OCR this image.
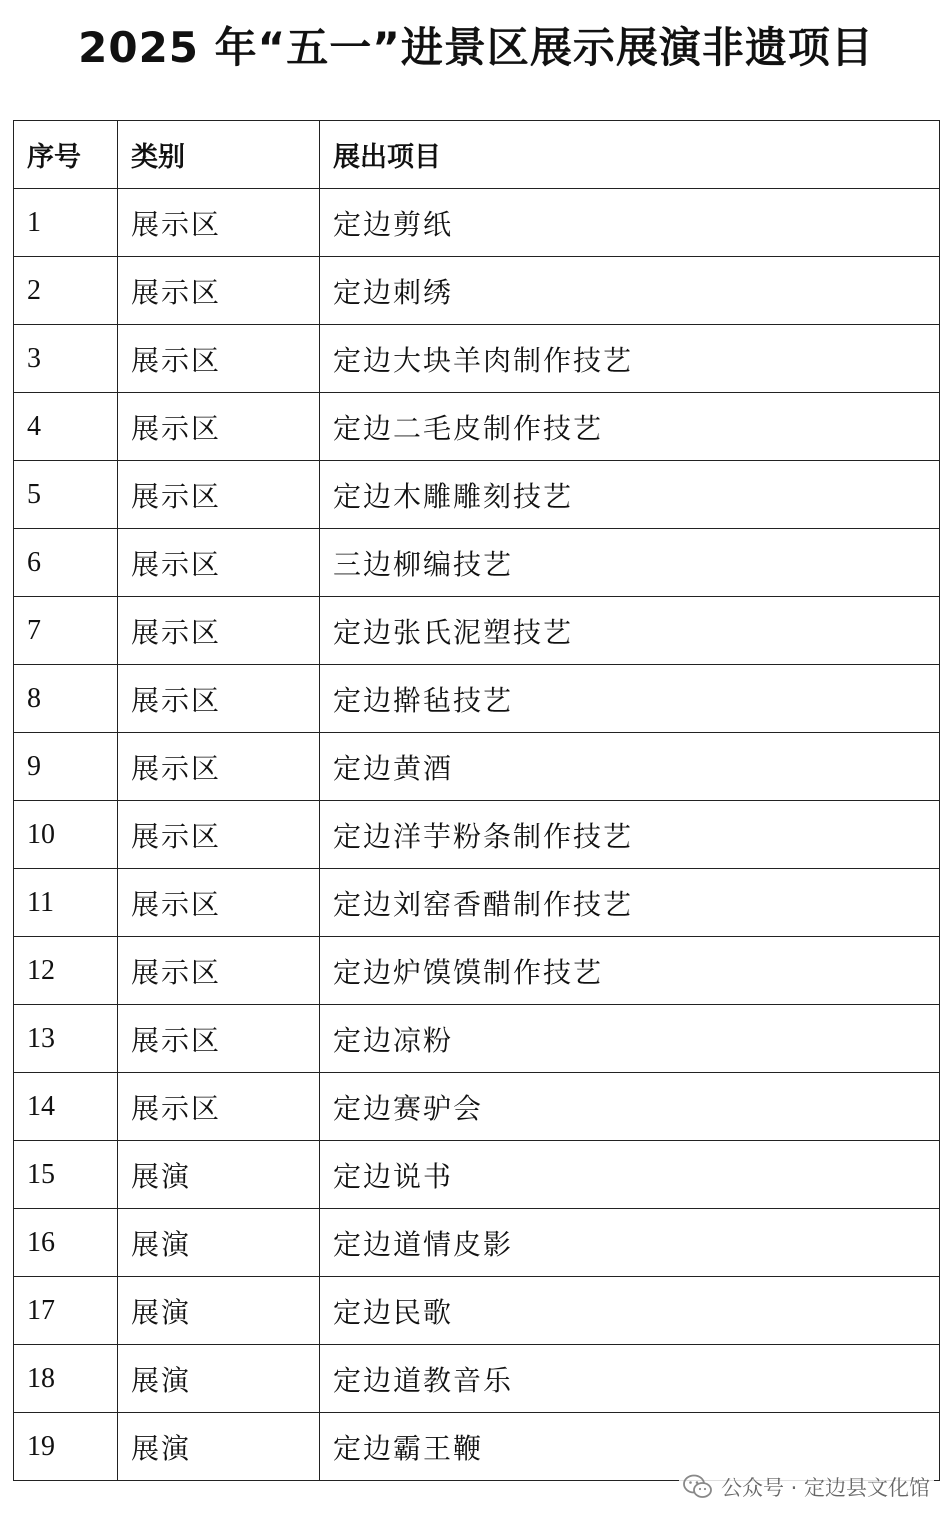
2025 年“五一”进景区展示展演非遗项目
序号	类别	展出项目
1	展示区	定边剪纸
2	展示区	定边刺绣
3	展示区	定边大块羊肉制作技艺
4	展示区	定边二毛皮制作技艺
5	展示区	定边木雕雕刻技艺
6	展示区	三边柳编技艺
7	展示区	定边张氏泥塑技艺
8	展示区	定边擀毡技艺
9	展示区	定边黄酒
10	展示区	定边洋芋粉条制作技艺
11	展示区	定边刘窑香醋制作技艺
12	展示区	定边炉馍馍制作技艺
13	展示区	定边凉粉
14	展示区	定边赛驴会
15	展演	定边说书
16	展演	定边道情皮影
17	展演	定边民歌
18	展演	定边道教音乐
19	展演	定边霸王鞭
公众号 · 定边县文化馆
